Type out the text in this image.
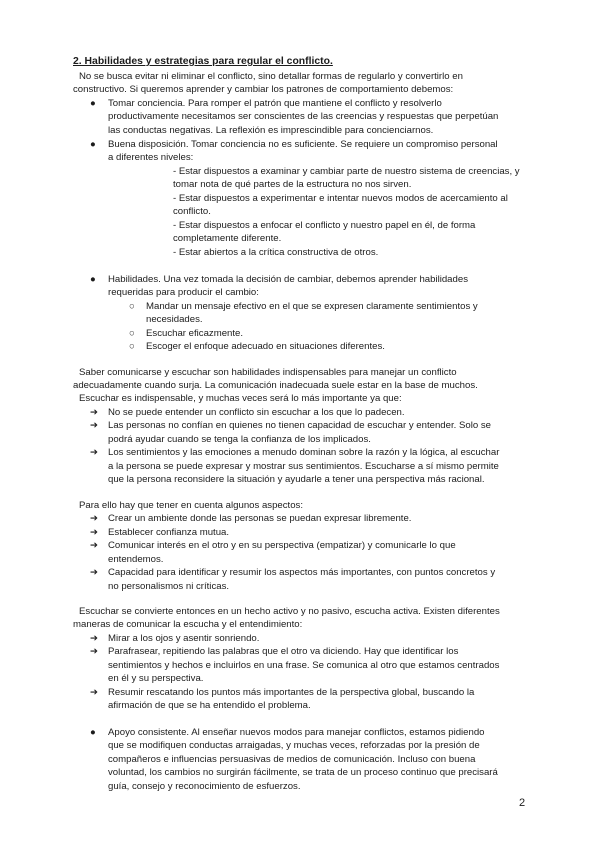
2. Habilidades y estrategias para regular el conflicto.
No se busca evitar ni eliminar el conflicto, sino detallar formas de regularlo y convertirlo en
constructivo. Si queremos aprender y cambiar los patrones de comportamiento debemos:
● Tomar conciencia. Para romper el patrón que mantiene el conflicto y resolverlo
productivamente necesitamos ser conscientes de las creencias y respuestas que perpetúan
las conductas negativas. La reflexión es imprescindible para concienciarnos.
● Buena disposición. Tomar conciencia no es suficiente. Se requiere un compromiso personal
a diferentes niveles:
- Estar dispuestos a examinar y cambiar parte de nuestro sistema de creencias, y
tomar nota de qué partes de la estructura no nos sirven.
- Estar dispuestos a experimentar e intentar nuevos modos de acercamiento al
conflicto.
- Estar dispuestos a enfocar el conflicto y nuestro papel en él, de forma
completamente diferente.
- Estar abiertos a la crítica constructiva de otros.
● Habilidades. Una vez tomada la decisión de cambiar, debemos aprender habilidades
requeridas para producir el cambio:
○ Mandar un mensaje efectivo en el que se expresen claramente sentimientos y
necesidades.
○ Escuchar eficazmente.
○ Escoger el enfoque adecuado en situaciones diferentes.
Saber comunicarse y escuchar son habilidades indispensables para manejar un conflicto
adecuadamente cuando surja. La comunicación inadecuada suele estar en la base de muchos.
Escuchar es indispensable, y muchas veces será lo más importante ya que:
➔ No se puede entender un conflicto sin escuchar a los que lo padecen.
➔ Las personas no confían en quienes no tienen capacidad de escuchar y entender. Solo se
podrá ayudar cuando se tenga la confianza de los implicados.
➔ Los sentimientos y las emociones a menudo dominan sobre la razón y la lógica, al escuchar
a la persona se puede expresar y mostrar sus sentimientos. Escucharse a sí mismo permite
que la persona reconsidere la situación y ayudarle a tener una perspectiva más racional.
Para ello hay que tener en cuenta algunos aspectos:
➔ Crear un ambiente donde las personas se puedan expresar libremente.
➔ Establecer confianza mutua.
➔ Comunicar interés en el otro y en su perspectiva (empatizar) y comunicarle lo que
entendemos.
➔ Capacidad para identificar y resumir los aspectos más importantes, con puntos concretos y
no personalismos ni críticas.
Escuchar se convierte entonces en un hecho activo y no pasivo, escucha activa. Existen diferentes
maneras de comunicar la escucha y el entendimiento:
➔ Mirar a los ojos y asentir sonriendo.
➔ Parafrasear, repitiendo las palabras que el otro va diciendo. Hay que identificar los
sentimientos y hechos e incluirlos en una frase. Se comunica al otro que estamos centrados
en él y su perspectiva.
➔ Resumir rescatando los puntos más importantes de la perspectiva global, buscando la
afirmación de que se ha entendido el problema.
● Apoyo consistente. Al enseñar nuevos modos para manejar conflictos, estamos pidiendo
que se modifiquen conductas arraigadas, y muchas veces, reforzadas por la presión de
compañeros e influencias persuasivas de medios de comunicación. Incluso con buena
voluntad, los cambios no surgirán fácilmente, se trata de un proceso continuo que precisará
guía, consejo y reconocimiento de esfuerzos.
2
